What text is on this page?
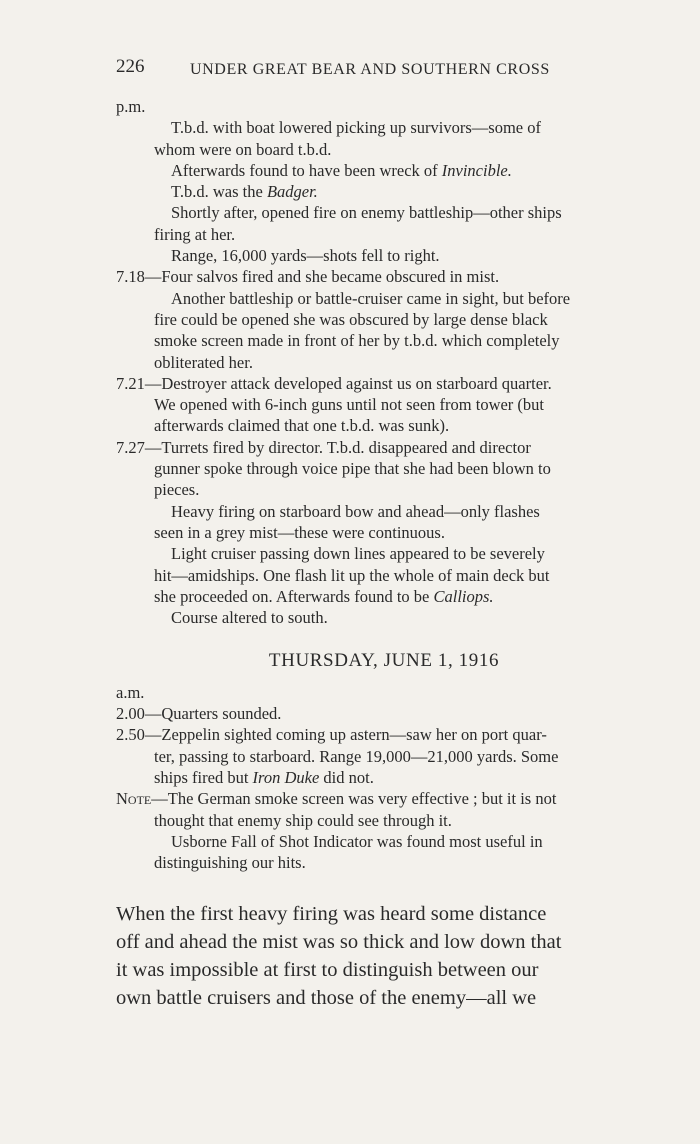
226	UNDER GREAT BEAR AND SOUTHERN CROSS
p.m.
T.b.d. with boat lowered picking up survivors—some of
whom were on board t.b.d.
Afterwards found to have been wreck of Invincible.
T.b.d. was the Badger.
Shortly after, opened fire on enemy battleship—other ships
firing at her.
Range, 16,000 yards—shots fell to right.
7.18—Four salvos fired and she became obscured in mist.
Another battleship or battle-cruiser came in sight, but before
fire could be opened she was obscured by large dense black
smoke screen made in front of her by t.b.d. which completely
obliterated her.
7.21—Destroyer attack developed against us on starboard quarter.
We opened with 6-inch guns until not seen from tower (but
afterwards claimed that one t.b.d. was sunk).
7.27—Turrets fired by director. T.b.d. disappeared and director
gunner spoke through voice pipe that she had been blown to
pieces.
Heavy firing on starboard bow and ahead—only flashes
seen in a grey mist—these were continuous.
Light cruiser passing down lines appeared to be severely
hit—amidships. One flash lit up the whole of main deck but
she proceeded on. Afterwards found to be Calliops.
Course altered to south.
THURSDAY, JUNE 1, 1916
a.m.
2.00—Quarters sounded.
2.50—Zeppelin sighted coming up astern—saw her on port quar-
ter, passing to starboard. Range 19,000—21,000 yards. Some
ships fired but Iron Duke did not.
Note—The German smoke screen was very effective ; but it is not
thought that enemy ship could see through it.
Usborne Fall of Shot Indicator was found most useful in
distinguishing our hits.
When the first heavy firing was heard some distance
off and ahead the mist was so thick and low down that
it was impossible at first to distinguish between our
own battle cruisers and those of the enemy—all we
